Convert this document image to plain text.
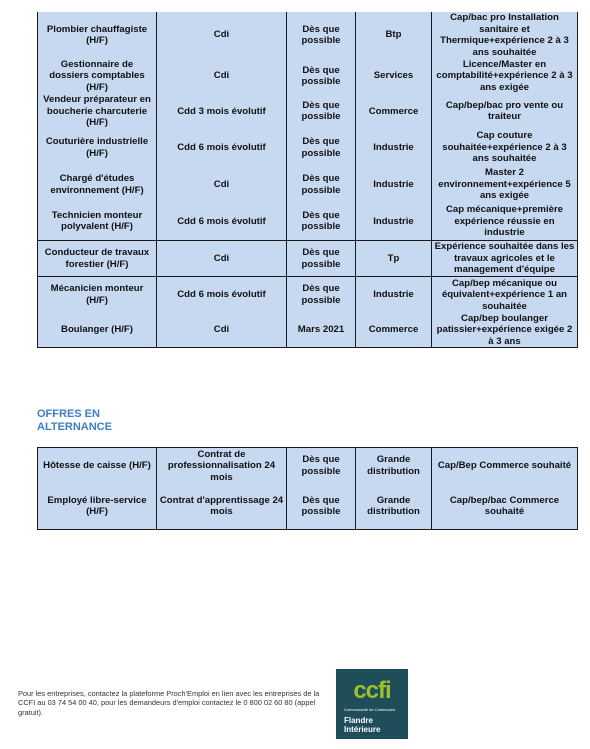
Plombier chauffagiste (H/F)	Cdi	Dès que possible	Btp	Cap/bac pro Installation sanitaire et Thermique+expérience 2 à 3 ans souhaitée
Gestionnaire de dossiers comptables (H/F)	Cdi	Dès que possible	Services	Licence/Master en comptabilité+expérience 2 à 3 ans exigée
Vendeur préparateur en boucherie charcuterie (H/F)	Cdd 3 mois évolutif	Dès que possible	Commerce	Cap/bep/bac pro vente ou traiteur
Couturière industrielle (H/F)	Cdd 6 mois évolutif	Dès que possible	Industrie	Cap couture souhaitée+expérience 2 à 3 ans souhaitée
Chargé d'études environnement (H/F)	Cdi	Dès que possible	Industrie	Master 2 environnement+expérience 5 ans exigée
Technicien monteur polyvalent (H/F)	Cdd 6 mois évolutif	Dès que possible	Industrie	Cap mécanique+première expérience réussie en industrie
Conducteur de travaux forestier (H/F)	Cdi	Dès que possible	Tp	Expérience souhaitée dans les travaux agricoles et le management d'équipe
Mécanicien monteur (H/F)	Cdd 6 mois évolutif	Dès que possible	Industrie	Cap/bep mécanique ou équivalent+expérience 1 an souhaitée
Boulanger (H/F)	Cdi	Mars 2021	Commerce	Cap/bep boulanger patissier+expérience exigée 2 à 3 ans
OFFRES EN ALTERNANCE
Hôtesse de caisse (H/F)	Contrat de professionnalisation 24 mois	Dès que possible	Grande distribution	Cap/Bep Commerce souhaité
Employé libre-service (H/F)	Contrat d'apprentissage 24 mois	Dès que possible	Grande distribution	Cap/bep/bac Commerce souhaité
Pour les entreprises, contactez la plateforme Proch'Emploi en lien avec les entreprises de la CCFI au 03 74 54 00 40, pour les demandeurs d'emploi contactez le 0 800 02 60 80 (appel gratuit).
ccfi
Communauté de Communes
Flandre Intérieure
